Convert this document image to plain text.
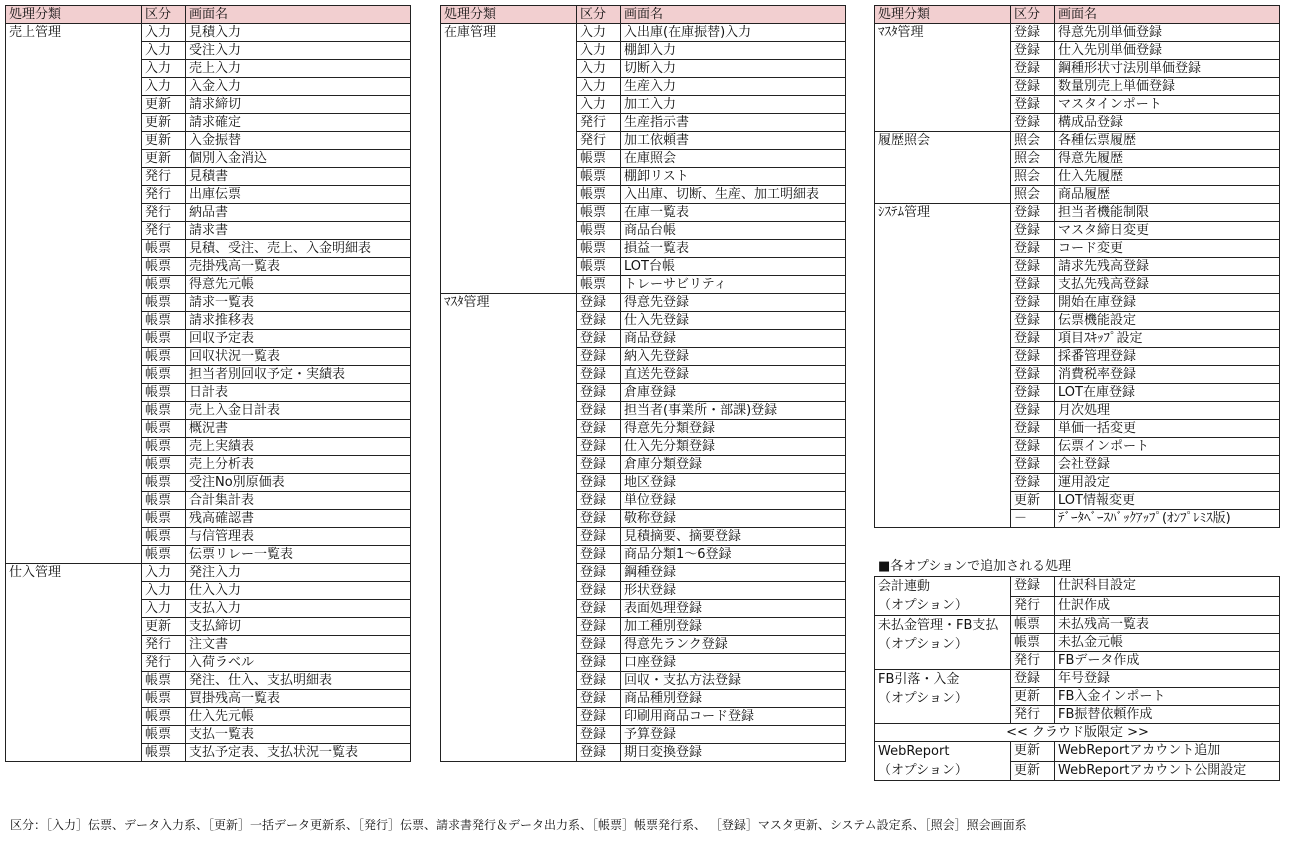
処理分類	区分	画面名
売上管理	入力	見積入力
	入力	受注入力
	入力	売上入力
	入力	入金入力
	更新	請求締切
	更新	請求確定
	更新	入金振替
	更新	個別入金消込
	発行	見積書
	発行	出庫伝票
	発行	納品書
	発行	請求書
	帳票	見積、受注、売上、入金明細表
	帳票	売掛残高一覧表
	帳票	得意先元帳
	帳票	請求一覧表
	帳票	請求推移表
	帳票	回収予定表
	帳票	回収状況一覧表
	帳票	担当者別回収予定・実績表
	帳票	日計表
	帳票	売上入金日計表
	帳票	概況書
	帳票	売上実績表
	帳票	売上分析表
	帳票	受注No別原価表
	帳票	合計集計表
	帳票	残高確認書
	帳票	与信管理表
	帳票	伝票リレー一覧表
仕入管理	入力	発注入力
	入力	仕入入力
	入力	支払入力
	更新	支払締切
	発行	注文書
	発行	入荷ラベル
	帳票	発注、仕入、支払明細表
	帳票	買掛残高一覧表
	帳票	仕入先元帳
	帳票	支払一覧表
	帳票	支払予定表、支払状況一覧表
処理分類	区分	画面名
在庫管理	入力	入出庫(在庫振替)入力
	入力	棚卸入力
	入力	切断入力
	入力	生産入力
	入力	加工入力
	発行	生産指示書
	発行	加工依頼書
	帳票	在庫照会
	帳票	棚卸リスト
	帳票	入出庫、切断、生産、加工明細表
	帳票	在庫一覧表
	帳票	商品台帳
	帳票	損益一覧表
	帳票	LOT台帳
	帳票	トレーサビリティ
ﾏｽﾀ管理	登録	得意先登録
	登録	仕入先登録
	登録	商品登録
	登録	納入先登録
	登録	直送先登録
	登録	倉庫登録
	登録	担当者(事業所・部課)登録
	登録	得意先分類登録
	登録	仕入先分類登録
	登録	倉庫分類登録
	登録	地区登録
	登録	単位登録
	登録	敬称登録
	登録	見積摘要、摘要登録
	登録	商品分類1～6登録
	登録	鋼種登録
	登録	形状登録
	登録	表面処理登録
	登録	加工種別登録
	登録	得意先ランク登録
	登録	口座登録
	登録	回収・支払方法登録
	登録	商品種別登録
	登録	印刷用商品コード登録
	登録	予算登録
	登録	期日変換登録
処理分類	区分	画面名
ﾏｽﾀ管理	登録	得意先別単価登録
	登録	仕入先別単価登録
	登録	鋼種形状寸法別単価登録
	登録	数量別売上単価登録
	登録	マスタインポート
	登録	構成品登録
履歴照会	照会	各種伝票履歴
	照会	得意先履歴
	照会	仕入先履歴
	照会	商品履歴
ｼｽﾃﾑ管理	登録	担当者機能制限
	登録	マスタ締日変更
	登録	コード変更
	登録	請求先残高登録
	登録	支払先残高登録
	登録	開始在庫登録
	登録	伝票機能設定
	登録	項目ｽｷｯﾌﾟ設定
	登録	採番管理登録
	登録	消費税率登録
	登録	LOT在庫登録
	登録	月次処理
	登録	単価一括変更
	登録	伝票インポート
	登録	会社登録
	登録	運用設定
	更新	LOT情報変更
	－	ﾃﾞｰﾀﾍﾞｰｽﾊﾞｯｸｱｯﾌﾟ(ｵﾝﾌﾟﾚﾐｽ版)
■各オプションで追加される処理
会計連動
（オプション）	登録	仕訳科目設定
	発行	仕訳作成

未払金管理・FB支払
（オプション）	帳票	未払残高一覧表
	帳票	未払金元帳
	発行	FBデータ作成

FB引落・入金
（オプション）	登録	年号登録
	更新	FB入金インポート
	発行	FB振替依頼作成
<< クラウド版限定 >>		

WebReport
（オプション）	更新	WebReportアカウント追加
	更新	WebReportアカウント公開設定
区分：［入力］伝票、データ入力系、［更新］一括データ更新系、［発行］伝票、請求書発行＆データ出力系、［帳票］帳票発行系、 ［登録］マスタ更新、システム設定系、［照会］照会画面系
